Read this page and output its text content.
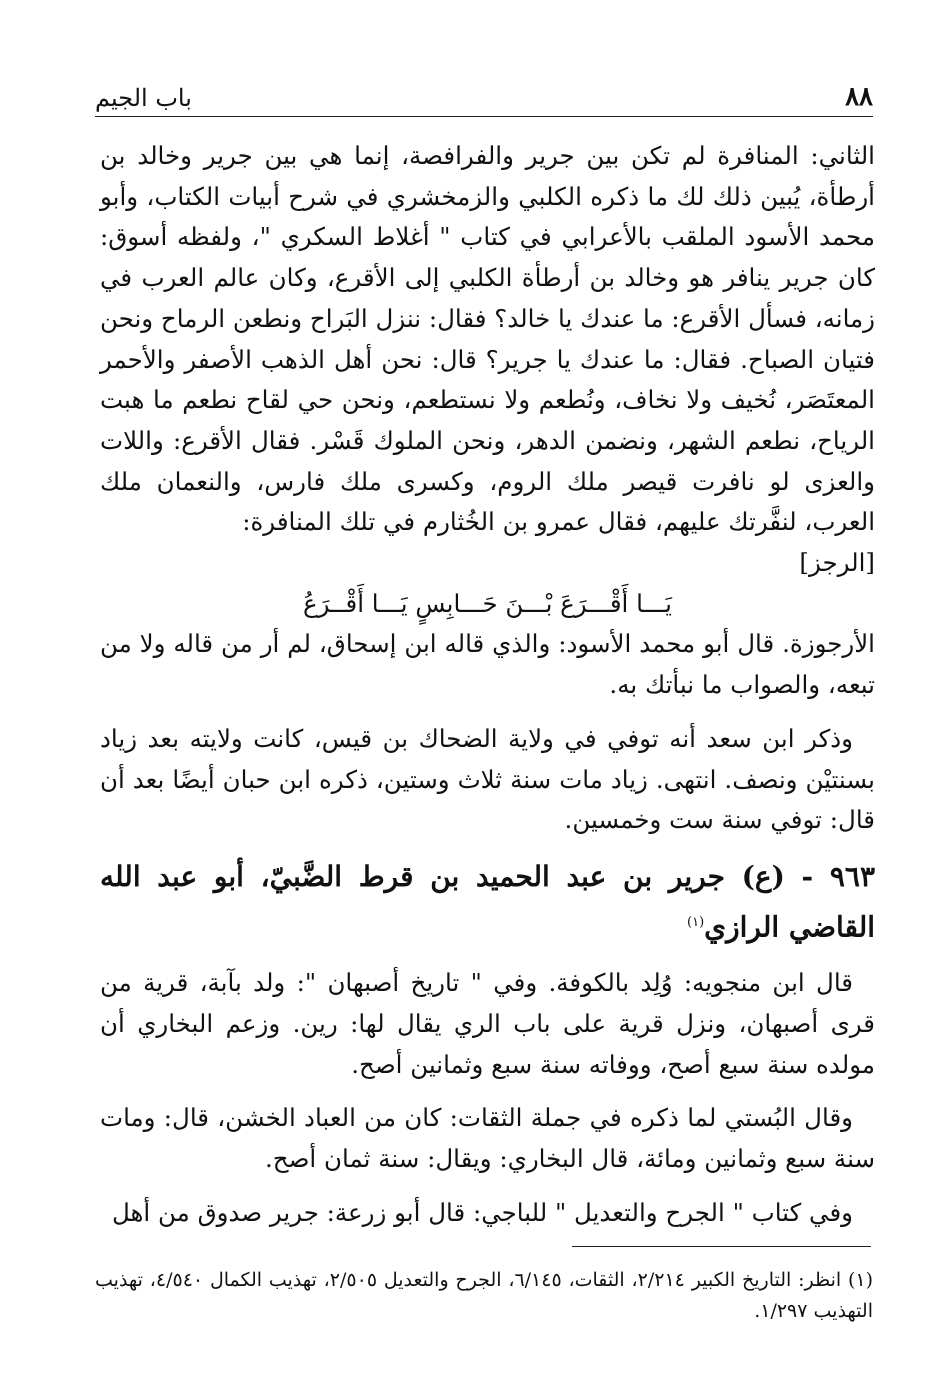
٨٨
باب الجيم

الثاني: المنافرة لم تكن بين جرير والفرافصة، إنما هي بين جرير وخالد بن أرطأة، يُبين ذلك لك ما ذكره الكلبي والزمخشري في شرح أبيات الكتاب، وأبو محمد الأسود الملقب بالأعرابي في كتاب " أغلاط السكري "، ولفظه أسوق: كان جرير ينافر هو وخالد بن أرطأة الكلبي إلى الأقرع، وكان عالم العرب في زمانه، فسأل الأقرع: ما عندك يا خالد؟ فقال: ننزل البَراح ونطعن الرماح ونحن فتيان الصباح. فقال: ما عندك يا جرير؟ قال: نحن أهل الذهب الأصفر والأحمر المعتَصَر، نُخيف ولا نخاف، ونُطعم ولا نستطعم، ونحن حي لقاح نطعم ما هبت الرياح، نطعم الشهر، ونضمن الدهر، ونحن الملوك قَسْر. فقال الأقرع: واللات والعزى لو نافرت قيصر ملك الروم، وكسرى ملك فارس، والنعمان ملك العرب، لنفَّرتك عليهم، فقال عمرو بن الخُثارم في تلك المنافرة:

[الرجز]

يَـــا أَقْـــرَعَ بْـــنَ حَـــابِسٍ يَـــا أَقْــرَعُ

الأرجوزة. قال أبو محمد الأسود: والذي قاله ابن إسحاق، لم أر من قاله ولا من تبعه، والصواب ما نبأتك به.

وذكر ابن سعد أنه توفي في ولاية الضحاك بن قيس، كانت ولايته بعد زياد بسنتيْن ونصف. انتهى. زياد مات سنة ثلاث وستين، ذكره ابن حبان أيضًا بعد أن قال: توفي سنة ست وخمسين.

٩٦٣ - (ع) جرير بن عبد الحميد بن قرط الضَّبيّ، أبو عبد الله القاضي الرازي$^{(١)}$

قال ابن منجويه: وُلِد بالكوفة. وفي " تاريخ أصبهان ": ولد بآبة، قرية من قرى أصبهان، ونزل قرية على باب الري يقال لها: رين. وزعم البخاري أن مولده سنة سبع أصح، ووفاته سنة سبع وثمانين أصح.

وقال البُستي لما ذكره في جملة الثقات: كان من العباد الخشن، قال: ومات سنة سبع وثمانين ومائة، قال البخاري: ويقال: سنة ثمان أصح.

وفي كتاب " الجرح والتعديل " للباجي: قال أبو زرعة: جرير صدوق من أهل

(١) انظر: التاريخ الكبير ٢/٢١٤، الثقات، ٦/١٤٥، الجرح والتعديل ٢/٥٠٥، تهذيب الكمال ٤/٥٤٠، تهذيب التهذيب ١/٢٩٧.
